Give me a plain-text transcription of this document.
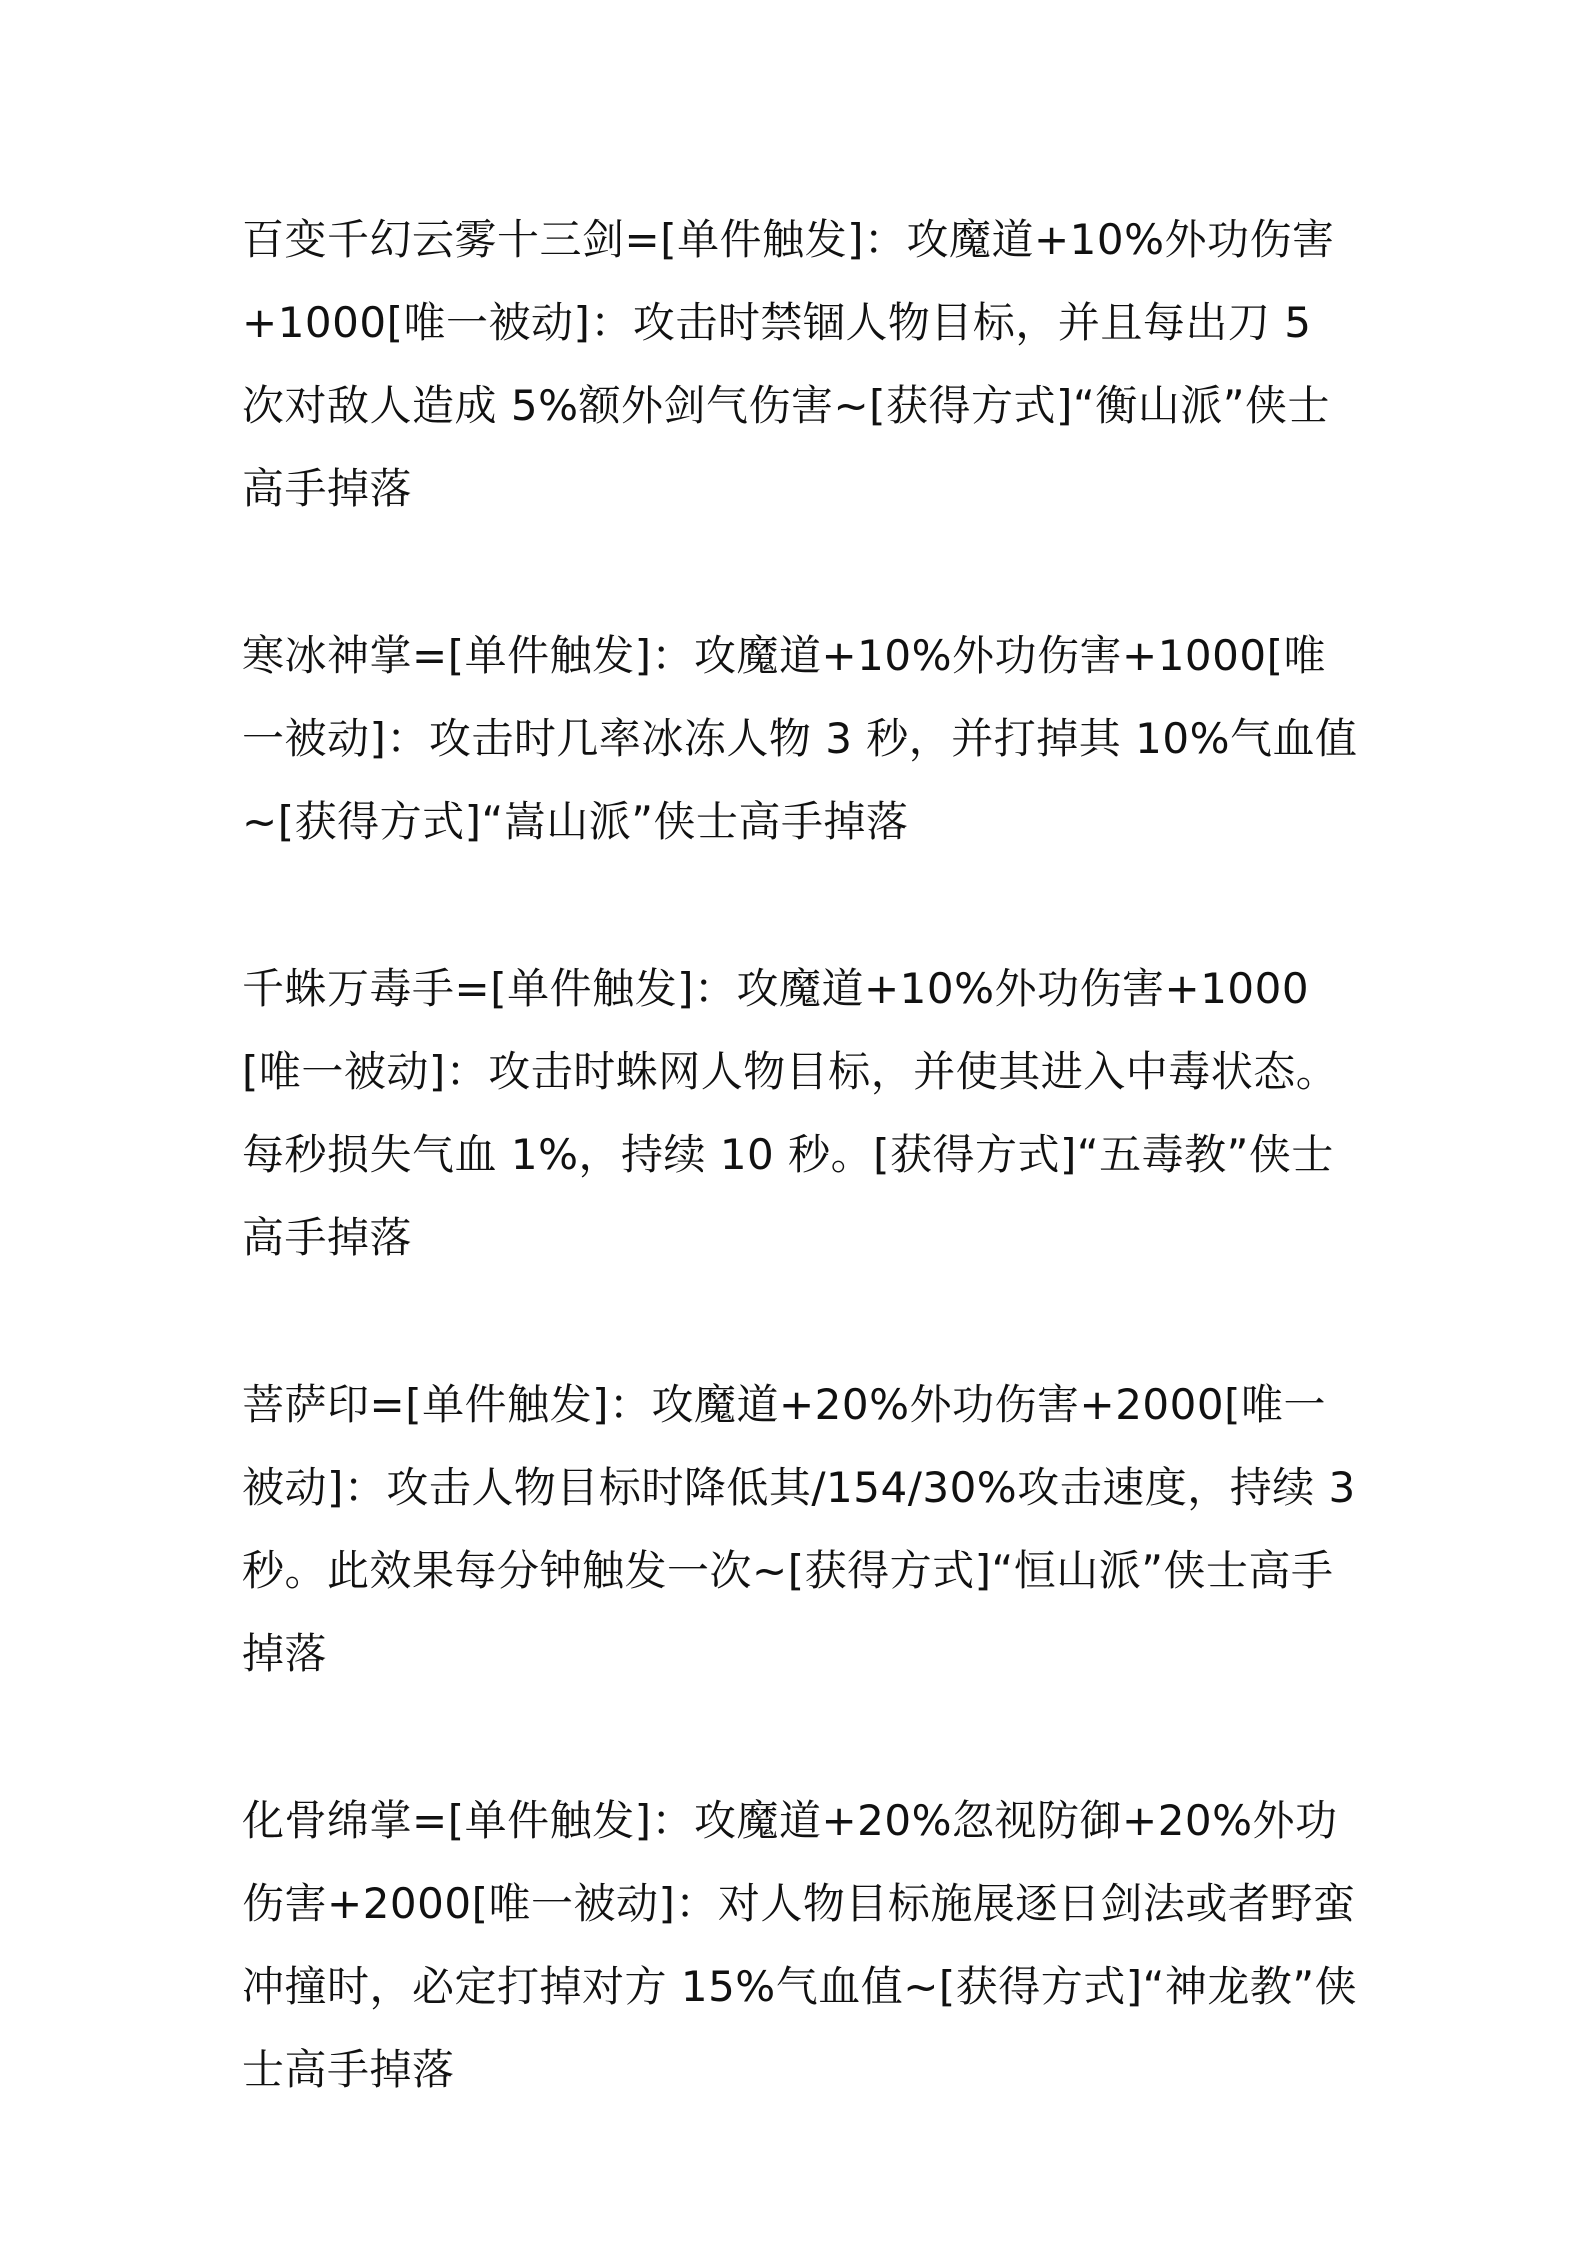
百变千幻云雾十三剑=[单件触发]：攻魔道+10%外功伤害+1000[唯一被动]：攻击时禁锢人物目标，并且每出刀 5 次对敌人造成 5%额外剑气伤害~[获得方式]“衡山派”侠士高手掉落

寒冰神掌=[单件触发]：攻魔道+10%外功伤害+1000[唯一被动]：攻击时几率冰冻人物 3 秒，并打掉其 10%气血值~[获得方式]“嵩山派”侠士高手掉落

千蛛万毒手=[单件触发]：攻魔道+10%外功伤害+1000[唯一被动]：攻击时蛛网人物目标，并使其进入中毒状态。每秒损失气血 1%，持续 10 秒。[获得方式]“五毒教”侠士高手掉落

菩萨印=[单件触发]：攻魔道+20%外功伤害+2000[唯一被动]：攻击人物目标时降低其/154/30%攻击速度，持续 3 秒。此效果每分钟触发一次~[获得方式]“恒山派”侠士高手掉落

化骨绵掌=[单件触发]：攻魔道+20%忽视防御+20%外功伤害+2000[唯一被动]：对人物目标施展逐日剑法或者野蛮冲撞时，必定打掉对方 15%气血值~[获得方式]“神龙教”侠士高手掉落
